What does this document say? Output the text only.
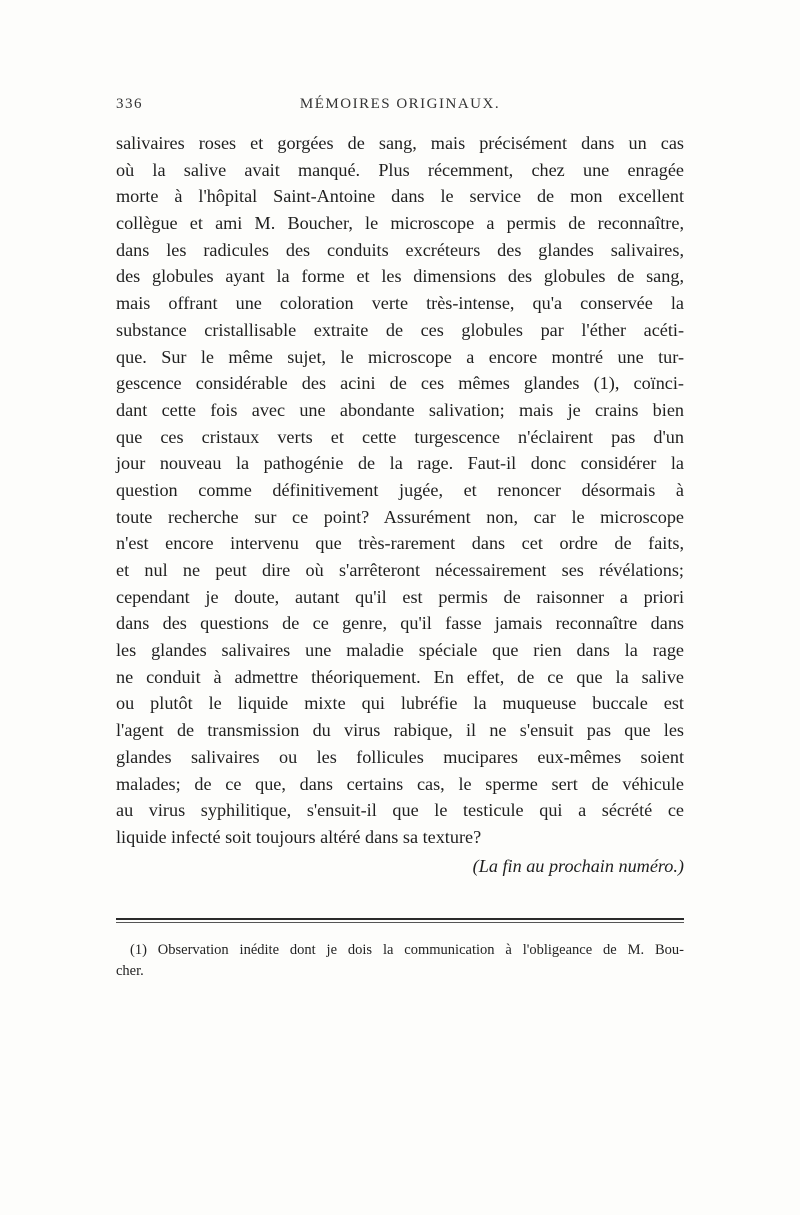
336	MÉMOIRES ORIGINAUX.
salivaires roses et gorgées de sang, mais précisément dans un cas
où la salive avait manqué. Plus récemment, chez une enragée
morte à l'hôpital Saint-Antoine dans le service de mon excellent
collègue et ami M. Boucher, le microscope a permis de reconnaître,
dans les radicules des conduits excréteurs des glandes salivaires,
des globules ayant la forme et les dimensions des globules de sang,
mais offrant une coloration verte très-intense, qu'a conservée la
substance cristallisable extraite de ces globules par l'éther acéti-
que. Sur le même sujet, le microscope a encore montré une tur-
gescence considérable des acini de ces mêmes glandes (1), coïnci-
dant cette fois avec une abondante salivation; mais je crains bien
que ces cristaux verts et cette turgescence n'éclairent pas d'un
jour nouveau la pathogénie de la rage. Faut-il donc considérer la
question comme définitivement jugée, et renoncer désormais à
toute recherche sur ce point? Assurément non, car le microscope
n'est encore intervenu que très-rarement dans cet ordre de faits,
et nul ne peut dire où s'arrêteront nécessairement ses révélations;
cependant je doute, autant qu'il est permis de raisonner a priori
dans des questions de ce genre, qu'il fasse jamais reconnaître dans
les glandes salivaires une maladie spéciale que rien dans la rage
ne conduit à admettre théoriquement. En effet, de ce que la salive
ou plutôt le liquide mixte qui lubréfie la muqueuse buccale est
l'agent de transmission du virus rabique, il ne s'ensuit pas que les
glandes salivaires ou les follicules mucipares eux-mêmes soient
malades; de ce que, dans certains cas, le sperme sert de véhicule
au virus syphilitique, s'ensuit-il que le testicule qui a sécrété ce
liquide infecté soit toujours altéré dans sa texture?
(La fin au prochain numéro.)
(1) Observation inédite dont je dois la communication à l'obligeance de M. Bou-
cher.
